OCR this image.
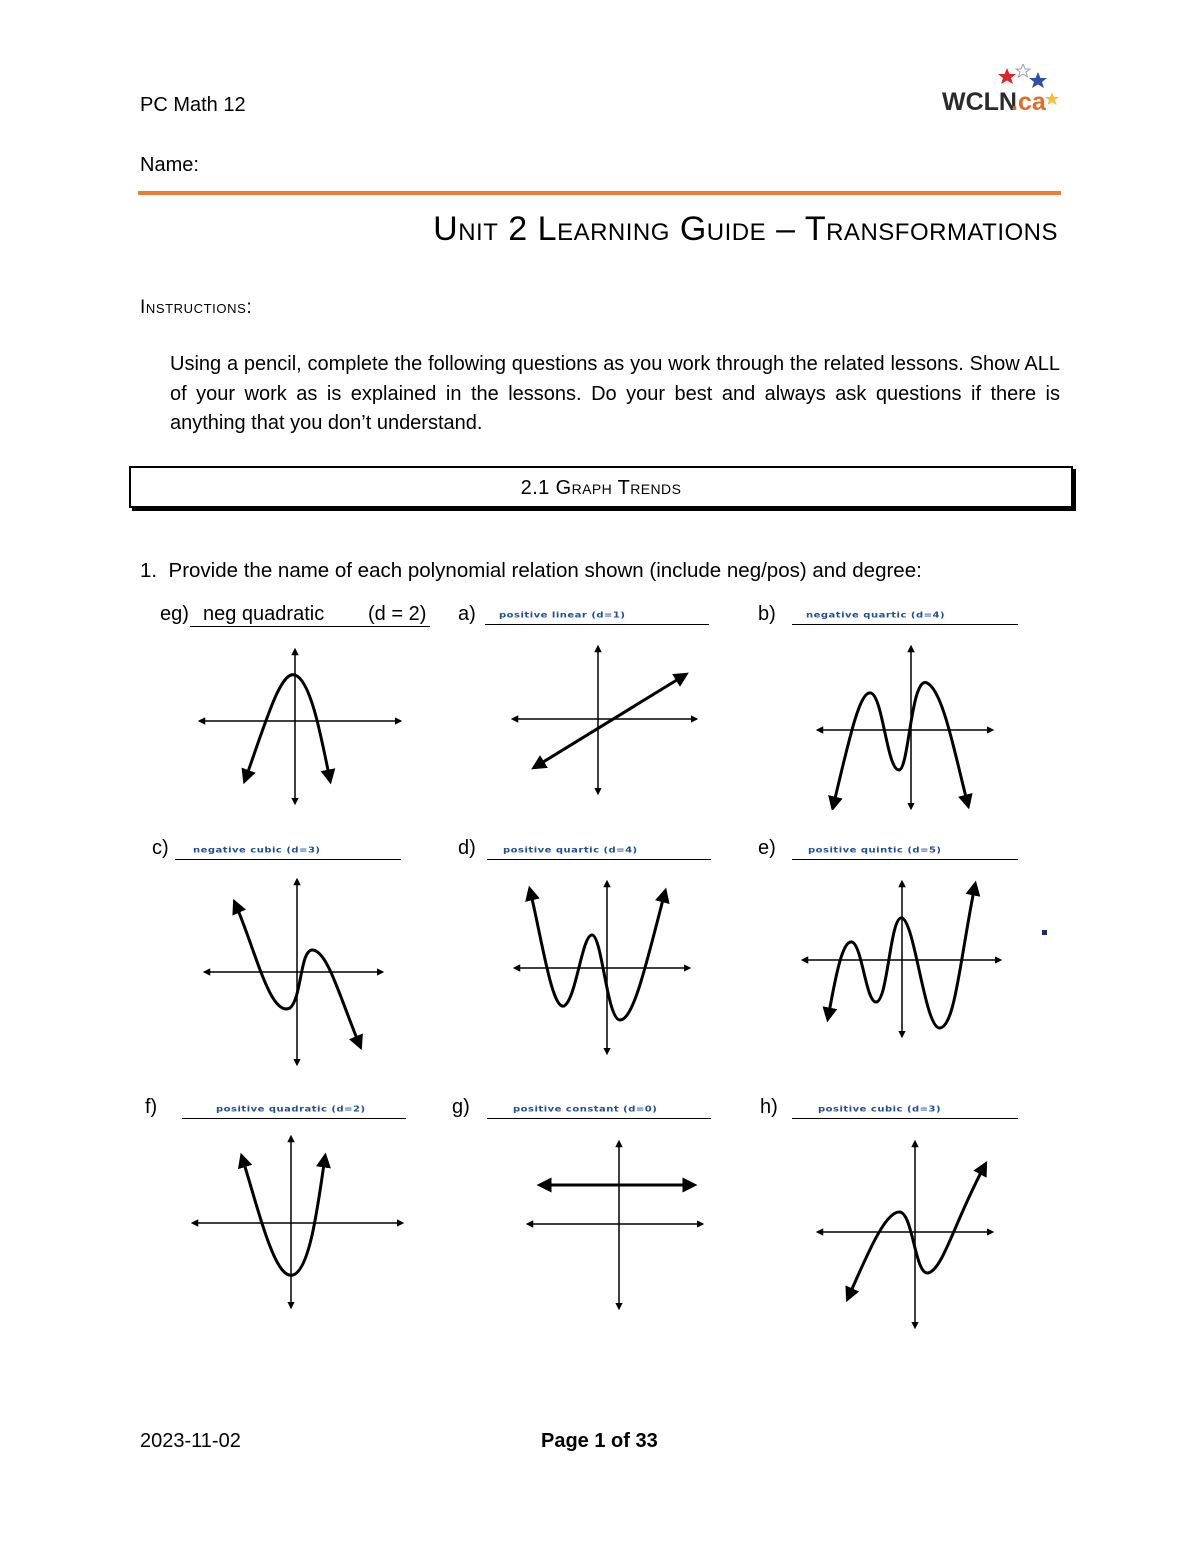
PC Math 12
Name:
WCLN
.ca
Unit 2 Learning Guide – Transformations
Instructions:
Using a pencil, complete the following questions as you work through the related lessons. Show ALL of your work as is explained in the lessons. Do your best and always ask questions if there is anything that you don’t understand.
2.1 Graph Trends
1. Provide the name of each polynomial relation shown (include neg/pos) and degree:
eg) neg quadratic (d = 2) a) positive linear (d=1)	b)	negative quartic (d=4)
c) negative cubic (d=3)	d)	positive quartic (d=4)	e)	positive quintic (d=5)
f)	positive quadratic (d=2)	g)	positive constant (d=0)	h)	positive cubic (d=3)
2023-11-02	Page 1 of 33
